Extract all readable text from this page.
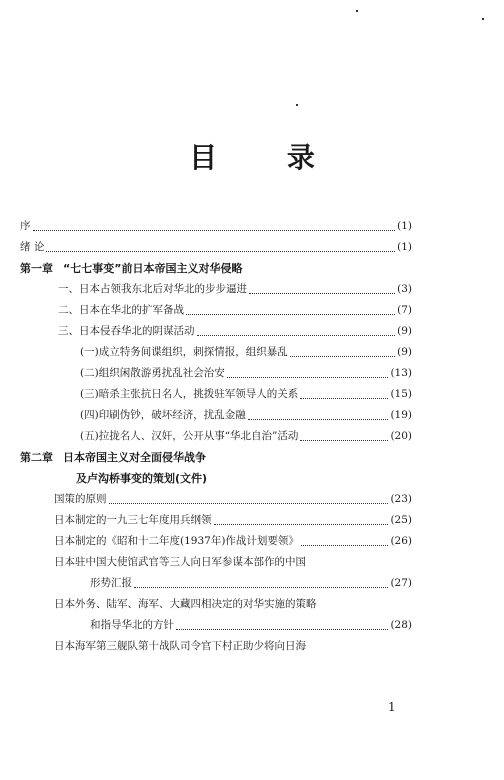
目 录
序	(1)
绪 论	(1)
第一章 “七七事变”前日本帝国主义对华侵略
一、日本占领我东北后对华北的步步逼进	(3)
二、日本在华北的扩军备战	(7)
三、日本侵吞华北的阴谋活动	(9)
(一)成立特务间谍组织，刺探情报，组织暴乱	(9)
(二)组织闲散游勇扰乱社会治安	(13)
(三)暗杀主张抗日名人，挑拨驻军领导人的关系	(15)
(四)印刷伪钞，破坏经济，扰乱金融	(19)
(五)拉拢名人、汉奸，公开从事“华北自治”活动	(20)
第二章 日本帝国主义对全面侵华战争
及卢沟桥事变的策划(文件)
国策的原则	(23)
日本制定的一九三七年度用兵纲领	(25)
日本制定的《昭和十二年度(1937年)作战计划要领》	(26)
日本驻中国大使馆武官等三人向日军参谋本部作的中国
形势汇报	(27)
日本外务、陆军、海军、大藏四相决定的对华实施的策略
和指导华北的方针	(28)
日本海军第三舰队第十战队司令官下村正助少将向日海
1
